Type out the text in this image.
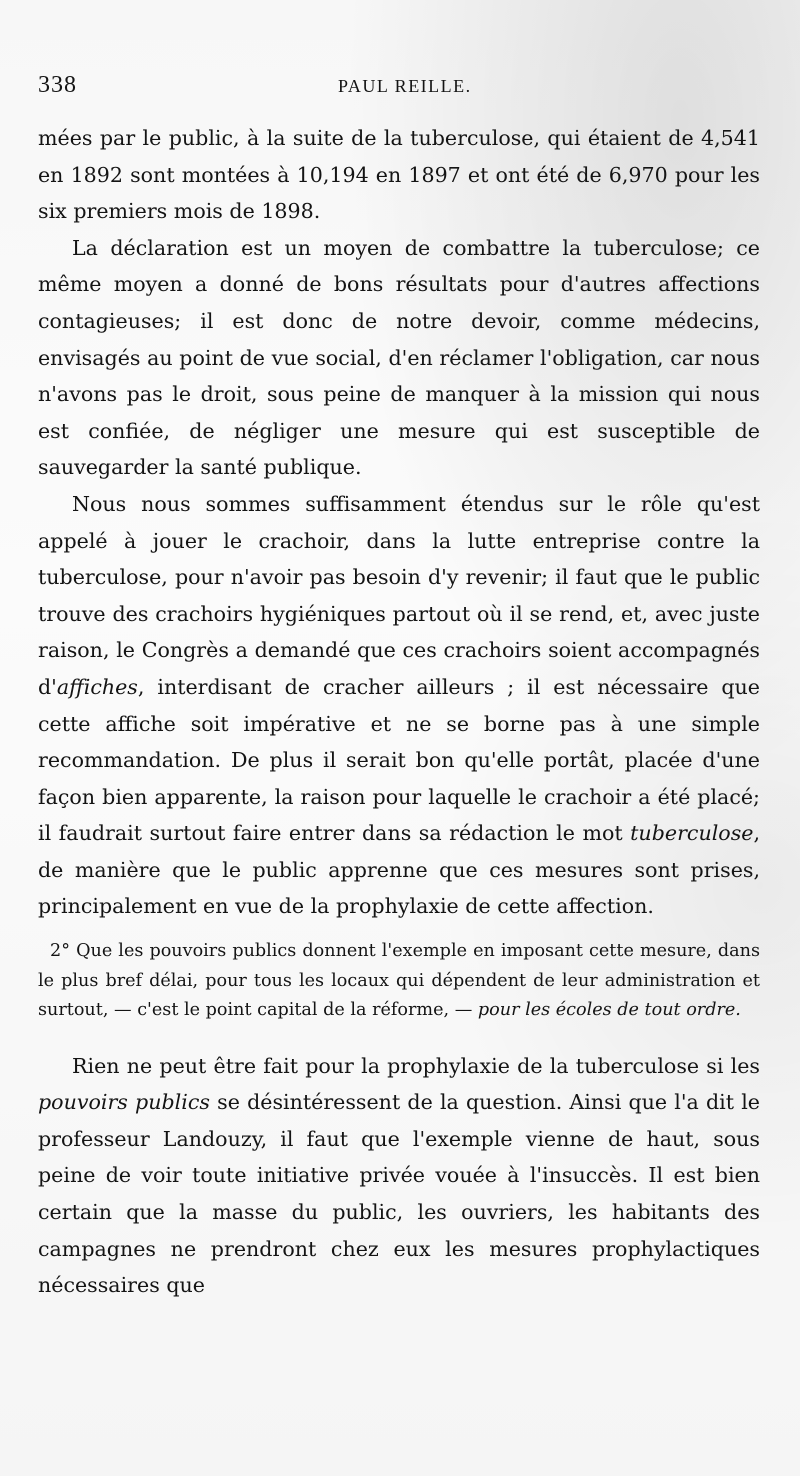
338	PAUL REILLE.

mées par le public, à la suite de la tuberculose, qui étaient de 4,541 en 1892 sont montées à 10,194 en 1897 et ont été de 6,970 pour les six premiers mois de 1898.

La déclaration est un moyen de combattre la tuberculose; ce même moyen a donné de bons résultats pour d'autres affections contagieuses; il est donc de notre devoir, comme médecins, envisagés au point de vue social, d'en réclamer l'obligation, car nous n'avons pas le droit, sous peine de manquer à la mission qui nous est confiée, de négliger une mesure qui est susceptible de sauvegarder la santé publique.

Nous nous sommes suffisamment étendus sur le rôle qu'est appelé à jouer le crachoir, dans la lutte entreprise contre la tuberculose, pour n'avoir pas besoin d'y revenir; il faut que le public trouve des crachoirs hygiéniques partout où il se rend, et, avec juste raison, le Congrès a demandé que ces crachoirs soient accompagnés d'affiches, interdisant de cracher ailleurs ; il est nécessaire que cette affiche soit impérative et ne se borne pas à une simple recommandation. De plus il serait bon qu'elle portât, placée d'une façon bien apparente, la raison pour laquelle le crachoir a été placé; il faudrait surtout faire entrer dans sa rédaction le mot tuberculose, de manière que le public apprenne que ces mesures sont prises, principalement en vue de la prophylaxie de cette affection.

2° Que les pouvoirs publics donnent l'exemple en imposant cette mesure, dans le plus bref délai, pour tous les locaux qui dépendent de leur administration et surtout, — c'est le point capital de la réforme, — pour les écoles de tout ordre.

Rien ne peut être fait pour la prophylaxie de la tuberculose si les pouvoirs publics se désintéressent de la question. Ainsi que l'a dit le professeur Landouzy, il faut que l'exemple vienne de haut, sous peine de voir toute initiative privée vouée à l'insuccès. Il est bien certain que la masse du public, les ouvriers, les habitants des campagnes ne prendront chez eux les mesures prophylactiques nécessaires que
